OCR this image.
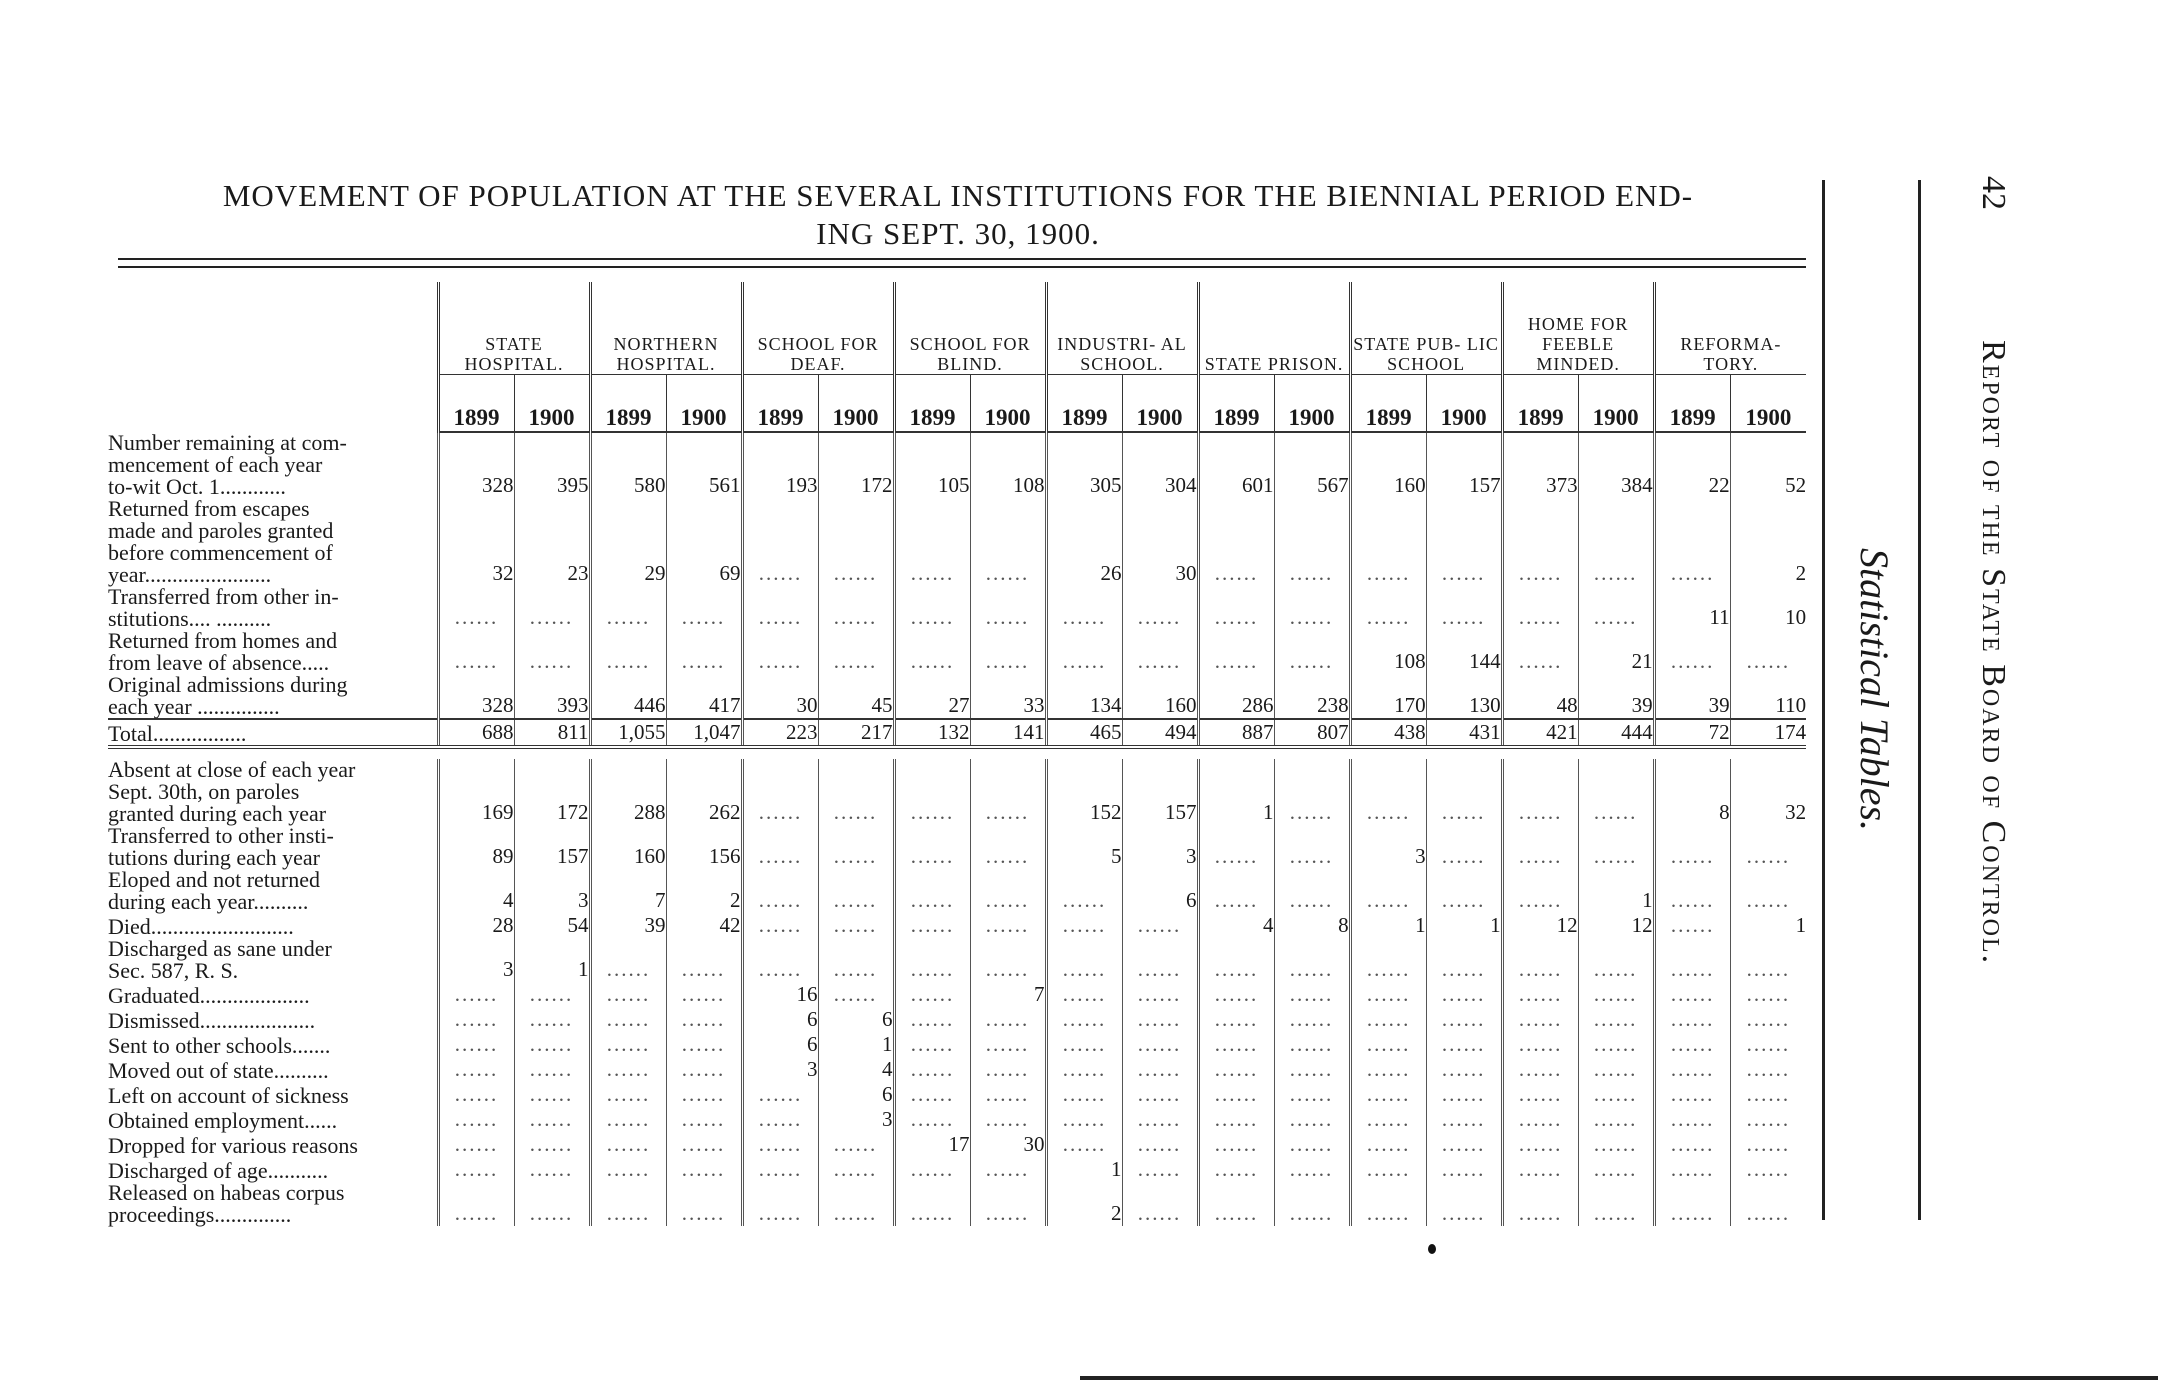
MOVEMENT OF POPULATION AT THE SEVERAL INSTITUTIONS FOR THE BIENNIAL PERIOD END-
ING SEPT. 30, 1900.
	STATE HOSPITAL.		NORTHERN HOSPITAL.		SCHOOL FOR DEAF.		SCHOOL FOR BLIND.		INDUSTRI- AL SCHOOL.		STATE PRISON.		STATE PUB- LIC SCHOOL		HOME FOR FEEBLE MINDED.		REFORMA- TORY.	
	1899	1900	1899	1900	1899	1900	1899	1900	1899	1900	1899	1900	1899	1900	1899	1900	1899	1900
Number remaining at com-
mencement of each year
to-wit Oct. 1............	328	395	580	561	193	172	105	108	305	304	601	567	160	157	373	384	22	52
Returned from escapes
made and paroles granted
before commencement of
year.......................	32	23	29	69	......	......	......	......	26	30	......	......	......	......	......	......	......	2
Transferred from other in-
stitutions.... ..........	......	......	......	......	......	......	......	......	......	......	......	......	......	......	......	......	11	10
Returned from homes and
from leave of absence.....	......	......	......	......	......	......	......	......	......	......	......	......	108	144	......	21	......	......
Original admissions during
each year ...............	328	393	446	417	30	45	27	33	134	160	286	238	170	130	48	39	39	110
Total.................	688	811	1,055	1,047	223	217	132	141	465	494	887	807	438	431	421	444	72	174

Absent at close of each year
Sept. 30th, on paroles
granted during each year	169	172	288	262	......	......	......	......	152	157	1	......	......	......	......	......	8	32
Transferred to other insti-
tutions during each year	89	157	160	156	......	......	......	......	5	3	......	......	3	......	......	......	......	......
Eloped and not returned
during each year..........	4	3	7	2	......	......	......	......	......	6	......	......	......	......	......	1	......	......
Died..........................	28	54	39	42	......	......	......	......	......	......	4	8	1	1	12	12	......	1
Discharged as sane under
Sec. 587, R. S.	3	1	......	......	......	......	......	......	......	......	......	......	......	......	......	......	......	......
Graduated....................	......	......	......	......	16	......	......	7	......	......	......	......	......	......	......	......	......	......
Dismissed.....................	......	......	......	......	6	6	......	......	......	......	......	......	......	......	......	......	......	......
Sent to other schools.......	......	......	......	......	6	1	......	......	......	......	......	......	......	......	......	......	......	......
Moved out of state..........	......	......	......	......	3	4	......	......	......	......	......	......	......	......	......	......	......	......
Left on account of sickness	......	......	......	......	......	6	......	......	......	......	......	......	......	......	......	......	......	......
Obtained employment......	......	......	......	......	......	3	......	......	......	......	......	......	......	......	......	......	......	......
Dropped for various reasons	......	......	......	......	......	......	17	30	......	......	......	......	......	......	......	......	......	......
Discharged of age...........	......	......	......	......	......	......	......	......	1	......	......	......	......	......	......	......	......	......
Released on habeas corpus
proceedings..............	......	......	......	......	......	......	......	......	2	......	......	......	......	......	......	......	......	......
Statistical Tables.
42
Report of the State Board of Control.
